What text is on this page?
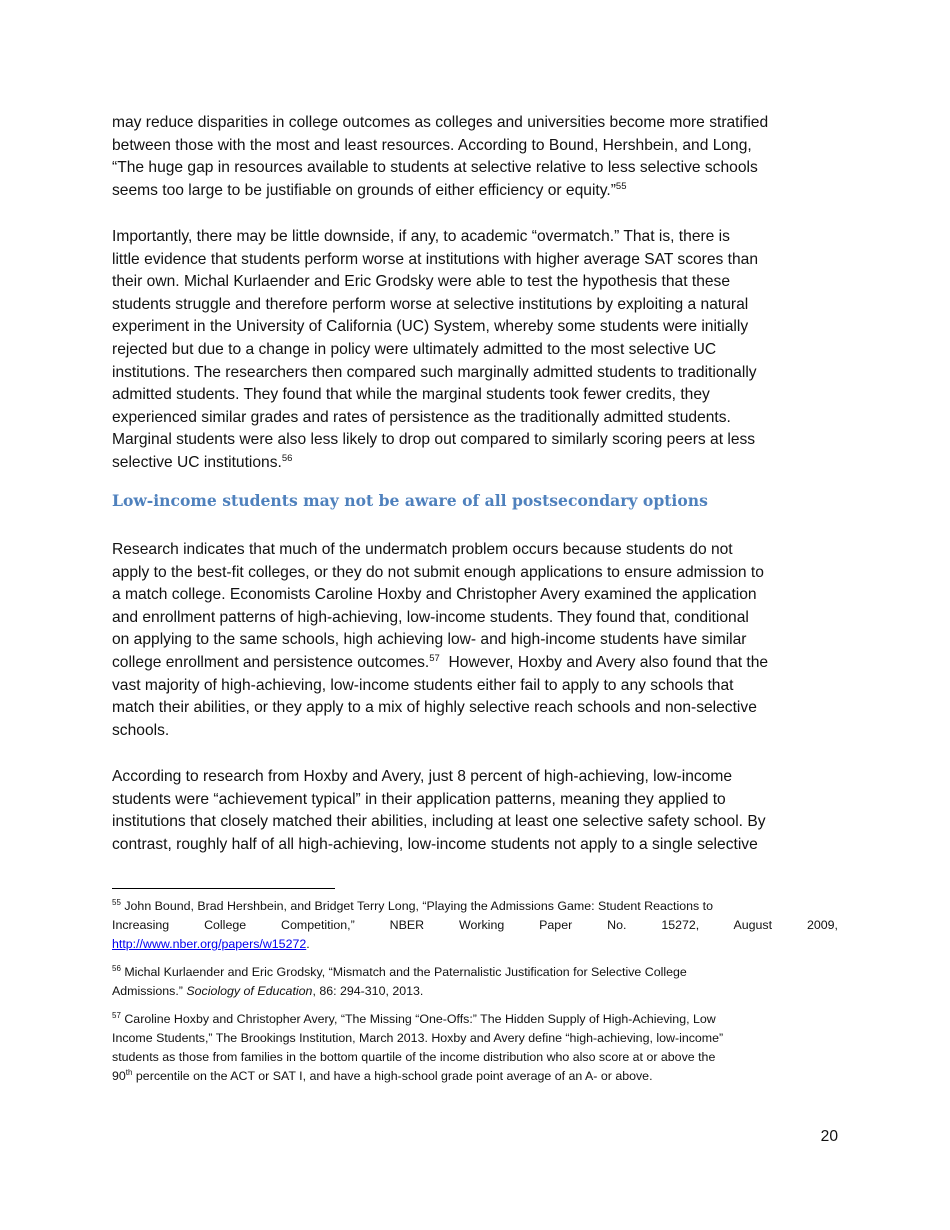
may reduce disparities in college outcomes as colleges and universities become more stratified
between those with the most and least resources. According to Bound, Hershbein, and Long,
“The huge gap in resources available to students at selective relative to less selective schools
seems too large to be justifiable on grounds of either efficiency or equity.”$^{55}$
Importantly, there may be little downside, if any, to academic “overmatch.” That is, there is
little evidence that students perform worse at institutions with higher average SAT scores than
their own. Michal Kurlaender and Eric Grodsky were able to test the hypothesis that these
students struggle and therefore perform worse at selective institutions by exploiting a natural
experiment in the University of California (UC) System, whereby some students were initially
rejected but due to a change in policy were ultimately admitted to the most selective UC
institutions. The researchers then compared such marginally admitted students to traditionally
admitted students. They found that while the marginal students took fewer credits, they
experienced similar grades and rates of persistence as the traditionally admitted students.
Marginal students were also less likely to drop out compared to similarly scoring peers at less
selective UC institutions.$^{56}$
Low-income students may not be aware of all postsecondary options
Research indicates that much of the undermatch problem occurs because students do not
apply to the best-fit colleges, or they do not submit enough applications to ensure admission to
a match college. Economists Caroline Hoxby and Christopher Avery examined the application
and enrollment patterns of high-achieving, low-income students. They found that, conditional
on applying to the same schools, high achieving low- and high-income students have similar
college enrollment and persistence outcomes.$^{57}$  However, Hoxby and Avery also found that the
vast majority of high-achieving, low-income students either fail to apply to any schools that
match their abilities, or they apply to a mix of highly selective reach schools and non-selective
schools.
According to research from Hoxby and Avery, just 8 percent of high-achieving, low-income
students were “achievement typical” in their application patterns, meaning they applied to
institutions that closely matched their abilities, including at least one selective safety school. By
contrast, roughly half of all high-achieving, low-income students not apply to a single selective
$^{55}$ John Bound, Brad Hershbein, and Bridget Terry Long, “Playing the Admissions Game: Student Reactions to
Increasing College Competition,” NBER Working Paper No. 15272, August 2009,
http://www.nber.org/papers/w15272.
$^{56}$ Michal Kurlaender and Eric Grodsky, “Mismatch and the Paternalistic Justification for Selective College
Admissions.” Sociology of Education, 86: 294-310, 2013.
$^{57}$ Caroline Hoxby and Christopher Avery, “The Missing “One-Offs:” The Hidden Supply of High-Achieving, Low
Income Students,” The Brookings Institution, March 2013. Hoxby and Avery define “high-achieving, low-income”
students as those from families in the bottom quartile of the income distribution who also score at or above the
90th percentile on the ACT or SAT I, and have a high-school grade point average of an A- or above.
20
